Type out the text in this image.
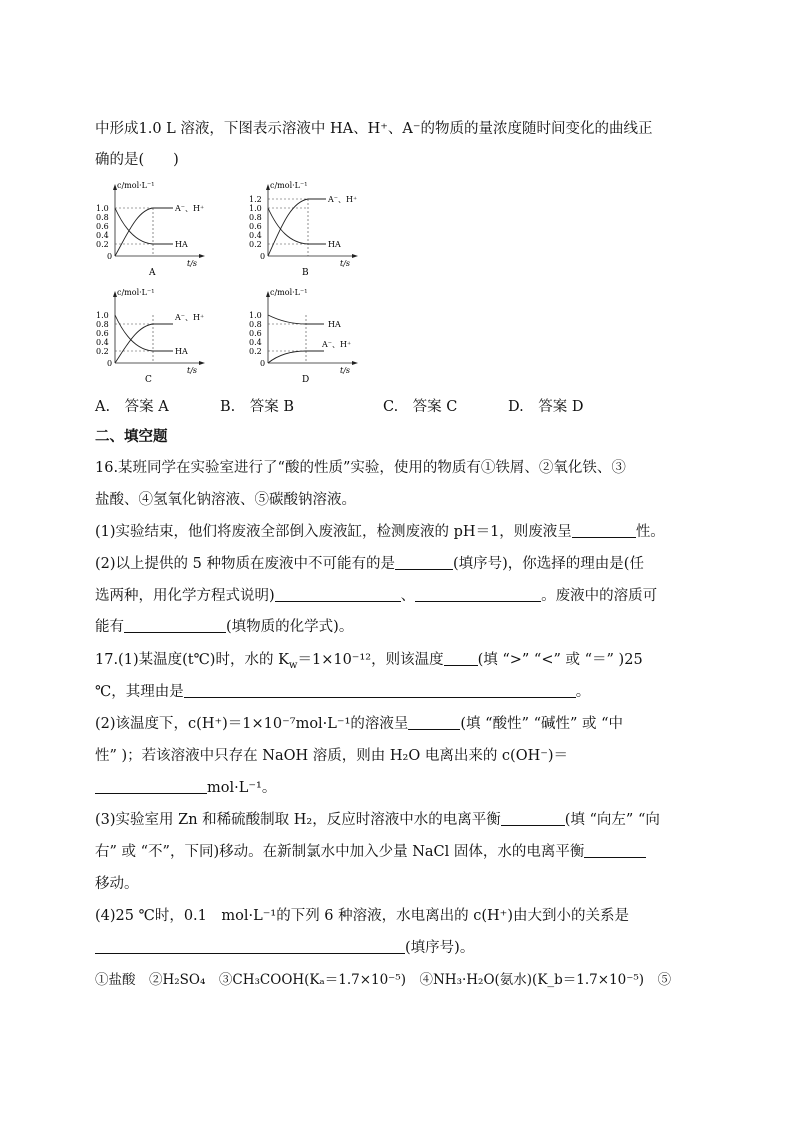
中形成1.0 L 溶液，下图表示溶液中 HA、H⁺、A⁻的物质的量浓度随时间变化的曲线正
确的是(　　)
c/mol·L⁻¹
t/s
0
1.0
0.8
0.6
0.4
0.2
A⁻、H⁺
HA
A
c/mol·L⁻¹
t/s
0
1.2
1.0
0.8
0.6
0.4
0.2
A⁻、H⁺
HA
B
c/mol·L⁻¹
t/s
0
1.0
0.8
0.6
0.4
0.2
A⁻、H⁺
HA
C
c/mol·L⁻¹
t/s
0
1.0
0.8
0.6
0.4
0.2
HA
A⁻、H⁺
D
A.　答案 A	B.　答案 B	C.　答案 C	D.　答案 D
二、填空题
16.某班同学在实验室进行了“酸的性质”实验，使用的物质有①铁屑、②氧化铁、③
盐酸、④氢氧化钠溶液、⑤碳酸钠溶液。
(1)实验结束，他们将废液全部倒入废液缸，检测废液的 pH＝1，则废液呈	性。
(2)以上提供的 5 种物质在废液中不可能有的是	(填序号)，你选择的理由是(任
选两种，用化学方程式说明)	、	。废液中的溶质可
能有	(填物质的化学式)。
17.(1)某温度(t℃)时，水的 $K_w=1\times 10^{-12}$，则该温度 (填 “>” “<” 或 “＝” )25
℃，其理由是	。
(2)该温度下，c(H⁺)＝1×10⁻⁷mol·L⁻¹的溶液呈	(填 “酸性” “碱性” 或 “中
性” )；若该溶液中只存在 NaOH 溶质，则由 H₂O 电离出来的 c(OH⁻)＝
mol·L⁻¹。
(3)实验室用 Zn 和稀硫酸制取 H₂，反应时溶液中水的电离平衡	(填 “向左” “向
右” 或 “不”，下同)移动。在新制氯水中加入少量 NaCl 固体，水的电离平衡
移动。
(4)25 ℃时，0.1　mol·L⁻¹的下列 6 种溶液，水电离出的 c(H⁺)由大到小的关系是
(填序号)。
①盐酸　②H₂SO₄　③CH₃COOH(Kₐ＝1.7×10⁻⁵)　④NH₃·H₂O(氨水)(K_b＝1.7×10⁻⁵)　⑤
